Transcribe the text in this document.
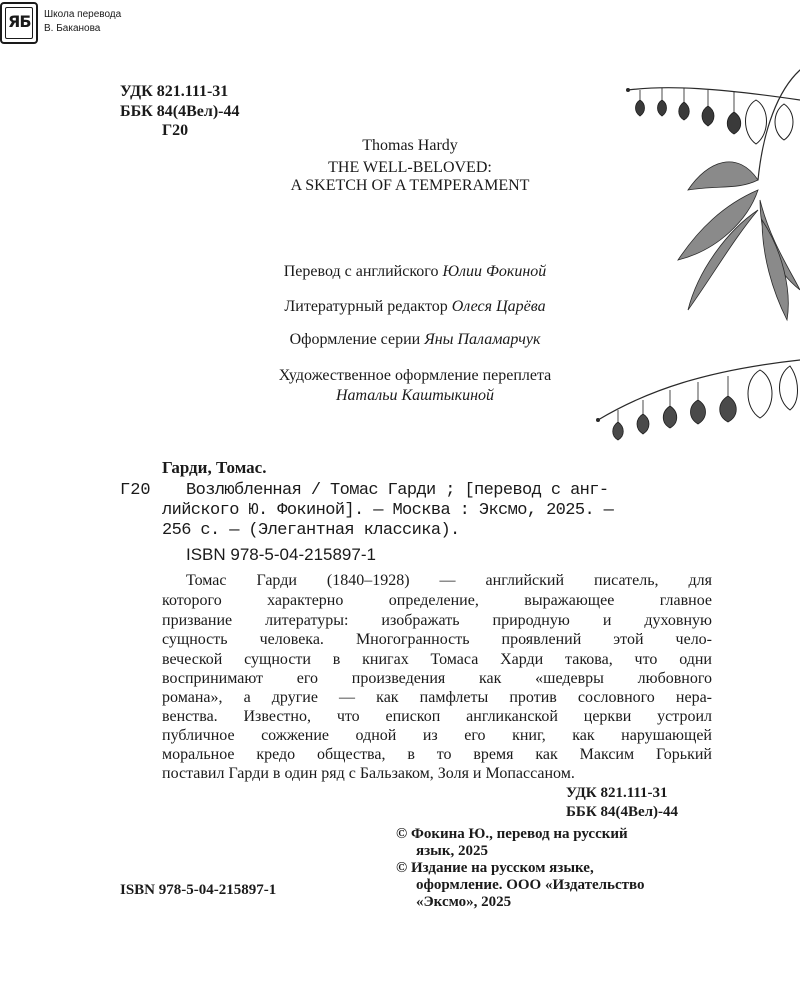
УДК 821.111-31
ББК 84(4Вел)-44
Г20
Thomas Hardy
THE WELL-BELOVED:
A SKETCH OF A TEMPERAMENT
ЯБ Школа перевода
В. Баканова
Перевод с английского Юлии Фокиной
Литературный редактор Олеся Царёва
Оформление серии Яны Паламарчук
Художественное оформление переплета
Натальи Каштыкиной
Гарди, Томас.
Г20 Возлюбленная / Томас Гарди ; [перевод с анг-
лийского Ю. Фокиной]. — Москва : Эксмо, 2025. —
256 с. — (Элегантная классика).
ISBN 978-5-04-215897-1
Томас Гарди (1840–1928) — английский писатель, для
которого характерно определение, выражающее главное
призвание литературы: изображать природную и духовную
сущность человека. Многогранность проявлений этой чело-
веческой сущности в книгах Томаса Харди такова, что одни
воспринимают его произведения как «шедевры любовного
романа», а другие — как памфлеты против сословного нера-
венства. Известно, что епископ англиканской церкви устроил
публичное сожжение одной из его книг, как нарушающей
моральное кредо общества, в то время как Максим Горький
поставил Гарди в один ряд с Бальзаком, Золя и Мопассаном.
УДК 821.111-31
ББК 84(4Вел)-44
© Фокина Ю., перевод на русский
язык, 2025
© Издание на русском языке,
оформление. ООО «Издательство
«Эксмо», 2025
ISBN 978-5-04-215897-1
